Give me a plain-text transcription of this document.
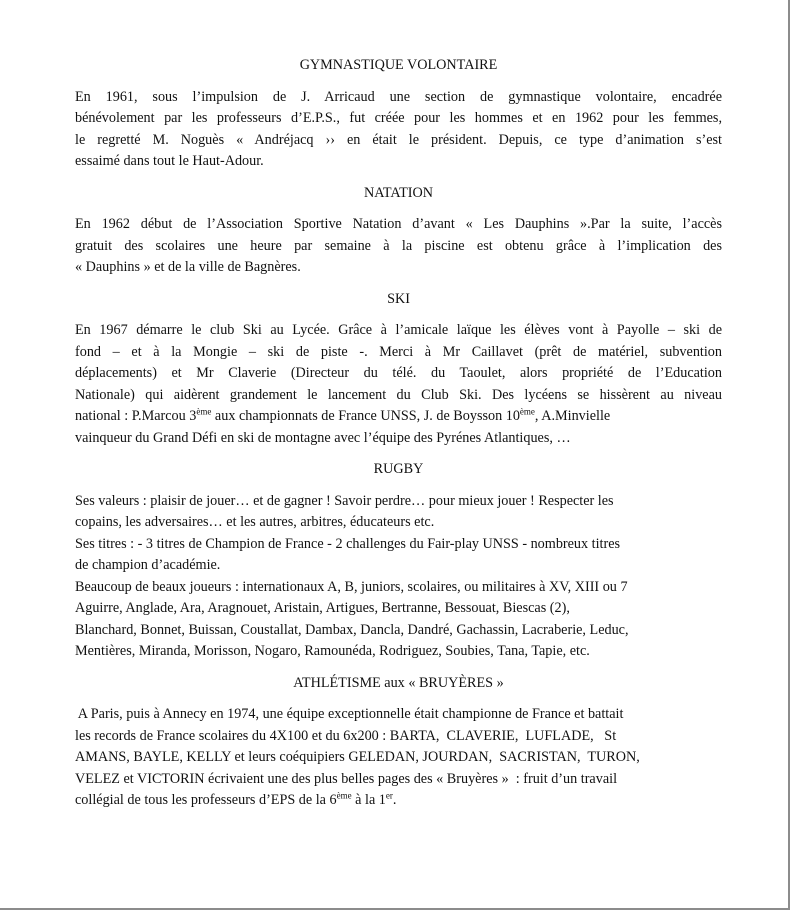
GYMNASTIQUE VOLONTAIRE
En 1961, sous l’impulsion de J. Arricaud une section de gymnastique volontaire, encadrée
bénévolement par les professeurs d’E.P.S., fut créée pour les hommes et en 1962 pour les femmes,
le regretté M. Noguès « Andréjacq ›› en était le président. Depuis, ce type d’animation s’est
essaimé dans tout le Haut-Adour.
NATATION
En 1962 début de l’Association Sportive Natation d’avant « Les Dauphins ».Par la suite, l’accès
gratuit des scolaires une heure par semaine à la piscine est obtenu grâce à l’implication des
« Dauphins » et de la ville de Bagnères.
SKI
En 1967 démarre le club Ski au Lycée. Grâce à l’amicale laïque les élèves vont à Payolle – ski de
fond – et à la Mongie – ski de piste -. Merci à Mr Caillavet (prêt de matériel, subvention
déplacements) et Mr Claverie (Directeur du télé. du Taoulet, alors propriété de l’Education
Nationale) qui aidèrent grandement le lancement du Club Ski. Des lycéens se hissèrent au niveau
national : P.Marcou 3ème aux championnats de France UNSS, J. de Boysson 10ème, A.Minvielle
vainqueur du Grand Défi en ski de montagne avec l’équipe des Pyrénes Atlantiques, …
RUGBY
Ses valeurs : plaisir de jouer… et de gagner ! Savoir perdre… pour mieux jouer ! Respecter les
copains, les adversaires… et les autres, arbitres, éducateurs etc.
Ses titres : - 3 titres de Champion de France - 2 challenges du Fair-play UNSS - nombreux titres
de champion d’académie.
Beaucoup de beaux joueurs : internationaux A, B, juniors, scolaires, ou militaires à XV, XIII ou 7
Aguirre, Anglade, Ara, Aragnouet, Aristain, Artigues, Bertranne, Bessouat, Biescas (2),
Blanchard, Bonnet, Buissan, Coustallat, Dambax, Dancla, Dandré, Gachassin, Lacraberie, Leduc,
Mentières, Miranda, Morisson, Nogaro, Ramounéda, Rodriguez, Soubies, Tana, Tapie, etc.
ATHLÉTISME aux « BRUYÈRES »
A Paris, puis à Annecy en 1974, une équipe exceptionnelle était championne de France et battait
les records de France scolaires du 4X100 et du 6x200 : BARTA,  CLAVERIE,  LUFLADE,   St
AMANS, BAYLE, KELLY et leurs coéquipiers GELEDAN, JOURDAN,  SACRISTAN,  TURON,
VELEZ et VICTORIN écrivaient une des plus belles pages des « Bruyères »  : fruit d’un travail
collégial de tous les professeurs d’EPS de la 6ème à la 1er.
